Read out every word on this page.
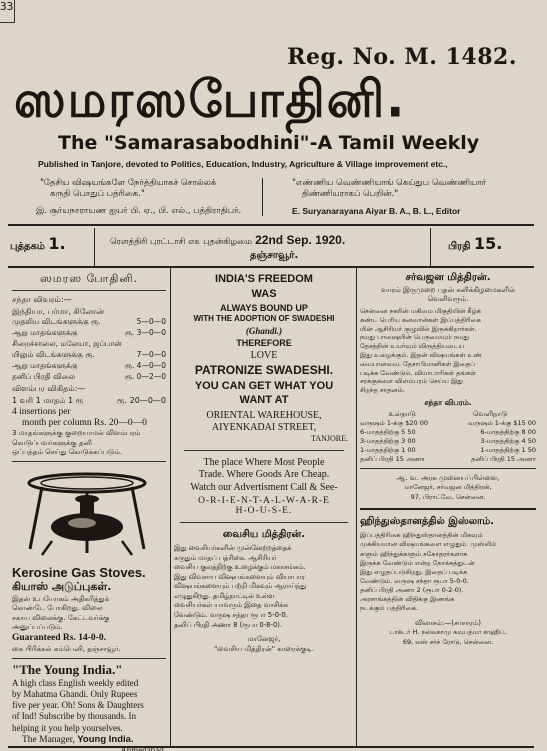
33
Reg. No. M. 1482.
ஸமரஸபோதினி.
The "Samarasabodhini"-A Tamil Weekly
Published in Tanjore, devoted to Politics, Education, Industry, Agriculture & Village improvement etc.,
"தேசிய விஷயங்களே நேர்த்தியாகச் சொல்லக்
கருதி பொதுப் பத்ரிகை."
"எண்ணிய வெண்ணியாங் கெய்துப வெண்ணியார்
திண்ணியராகப் பெறின்."
இ. சூர்யநாராயண ஐயர் பி. ஏ., பி. எல்., பத்திராதிபர்.	E. Suryanarayana Aiyar B. A., B. L., Editor
புத்தகம் 1.	ரௌத்திரி புரட்டாசி ௭௨ புதன்கிழமை 22nd Sep. 1920.
தஞ்சாவூர்.
பிரதி 15.
ஸமரஸ போதினி.
சந்தா விவரம்:—
இந்தியா, பர்மா, சிலோன்
முதலிய விடங்களுக்கு ரூ.	5—0—0
ஆறு மாதங்களுக்கு	ரூ. 3—0—0
சிறைச்சாலை, மலேயா, ஜப்பான்
யிலும் விடங்களுக்கு ரூ.	7—0—0
ஆறு மாதங்களுக்கு	ரூ. 4—0—0
தனிப் பிரதி விலை	ரூ. 0—2—0
விளம்பர விகிதம்:—
1 வரி 1 மாதம் 1 ரூ	ரூ. 20—0—0
4 insertions per
month per column Rs. 20—0—0
3 மாதங்களுக்கு குறையாமல் விளம்பரம்
கொடுப்பவர்களுக்கு தனி
ஒப்பந்தம் செய்து கொடுக்கப்படும்.
Kerosine Gas Stoves.
கியாஸ் அடுப்புகள்.
இதன் உபயோகம் அதிகரித்துக்
கொண்டே போகிறது. விலை
சகாய விலைக்கு. கேட்டவர்க்கு
அனுப்பப்படும்.
Guaranteed Rs. 14-0-0.
கை பிரிக்கல் கம்பெனி, தஞ்சாவூர்.
"The Young India."
A high class English weekly edited
by Mahatma Ghandi. Only Rupees
five per year. Oh! Sons & Daughters
of Ind! Subscribe by thousands. In
helping it you help yourselves.
The Manager, Young India.
INDIA'S FREEDOM
WAS
ALWAYS BOUND UP
WITH THE ADOPTION OF SWADESHI
(Ghandi.)
THEREFORE
LOVE
PATRONIZE SWADESHI.
YOU CAN GET WHAT YOU
WANT AT
ORIENTAL WAREHOUSE,
AIYENKADAI STREET,
TANJORE.
The place Where Most People
Trade. Where Goods Are Cheap.
Watch our Advertisment Call & See-
O-R-I-E-N-T-A-L-W-A-R-E
H-O-U-S-E.
வைசிய மித்திரன்.
இது வைசியர்களின் முன்னேற்றத்தைக்
கருதும் மாதப் பத்ரிகை. ஆசிரியர்
வைசிய குலத்திற்கு உழைக்கும் மகாசங்கம்.
இது விவசாய விஷயங்களையும் வியாபார
விஷயங்களையும் பற்றி மிகவும் ஆராய்ந்து
எழுதுகிறது. தமிழ்நாட்டில் உள்ள
வைசியர்கள் யாவரும் இதை வாசிக்க
வேண்டும். வருஷ சந்தா ரூபா 5-0-0.
தனிப் பிரதி அணா 8 (ரூபா 0-8-0).
மானேஜர்,
"வைசிய மித்திரன்" காரைக்குடி.
சர்வஜன மித்திரன்.
வாரம் இருமுறை புதன் சனிக்கிழமைகளில்
வெளிவரும்.
சென்னை நகரின் மகிமை மிகுதியின் கீழ்க்
கண்ட பெரிய கனவான்கள் இப்பத்திரிகை
யின் ஆசிரியர் குழுவில் இருக்கிறார்கள்.
நமது பாஷையின் பெருமையும் நமது
தேசத்தின் உயர்வும் விருத்தியடைய
இது உழைக்கும். இதன் விஷயங்கள் உண்
மையானவை. தேசாபிமானிகள் இதைப்
படிக்க வேண்டும். வியாபாரிகள் தங்கள்
சரக்குகளை விளம்பரம் செய்ய இது
சிறந்த சாதனம்.
சந்தா விபரம்.
உள்நாடு	வெளிநாடு
வருஷம் 1-க்கு $20 00	வருஷம் 1-க்கு $15 00
6-மாதத்திற்கு 5 50	6-மாதத்திற்கு 8 00
3-மாதத்திற்கு 3 00	3-மாதத்திற்கு 4 50
1-மாதத்திற்கு 1 00	1-மாதத்திற்கு 1 50
தனிப் பிரதி 15 அணா	தனிப் பிரதி 15 அணா
ஆ. வ. அரசு முனையப்பிள்ளை,
மானேஜர், சர்வஜன மித்திரன்,
97, பிராட்வே, சென்னை.
ஹிந்துஸ்தானத்தில் இஸ்லாம்.
இப்பத்திரிகை ஹிந்துஸ்தானத்தின் மிகவும்
முக்கியமான விஷயங்களை எழுதும். முஸ்லிம்
களும் ஹிந்துக்களும் சகோதரர்களாக
இருக்க வேண்டும் என்ற நோக்கத்துடன்
இது எழுதப்படுகிறது. இதைப் படிக்க
வேண்டும். வருஷ சந்தா ரூபா 5-0-0.
தனிப் பிரதி அணா 2 (ரூபா 0-2-0).
அரசாங்கத்தின் விதிக்கு இணங்க
நடக்கும் பத்திரிகை.
விலாசம்:—(சாசாரம்)
டாக்டர் H. நல்லகாமு கவுபத்மா சாஹிப்,
69, லஸ் சர்ச் ரோடு, சென்னை.
